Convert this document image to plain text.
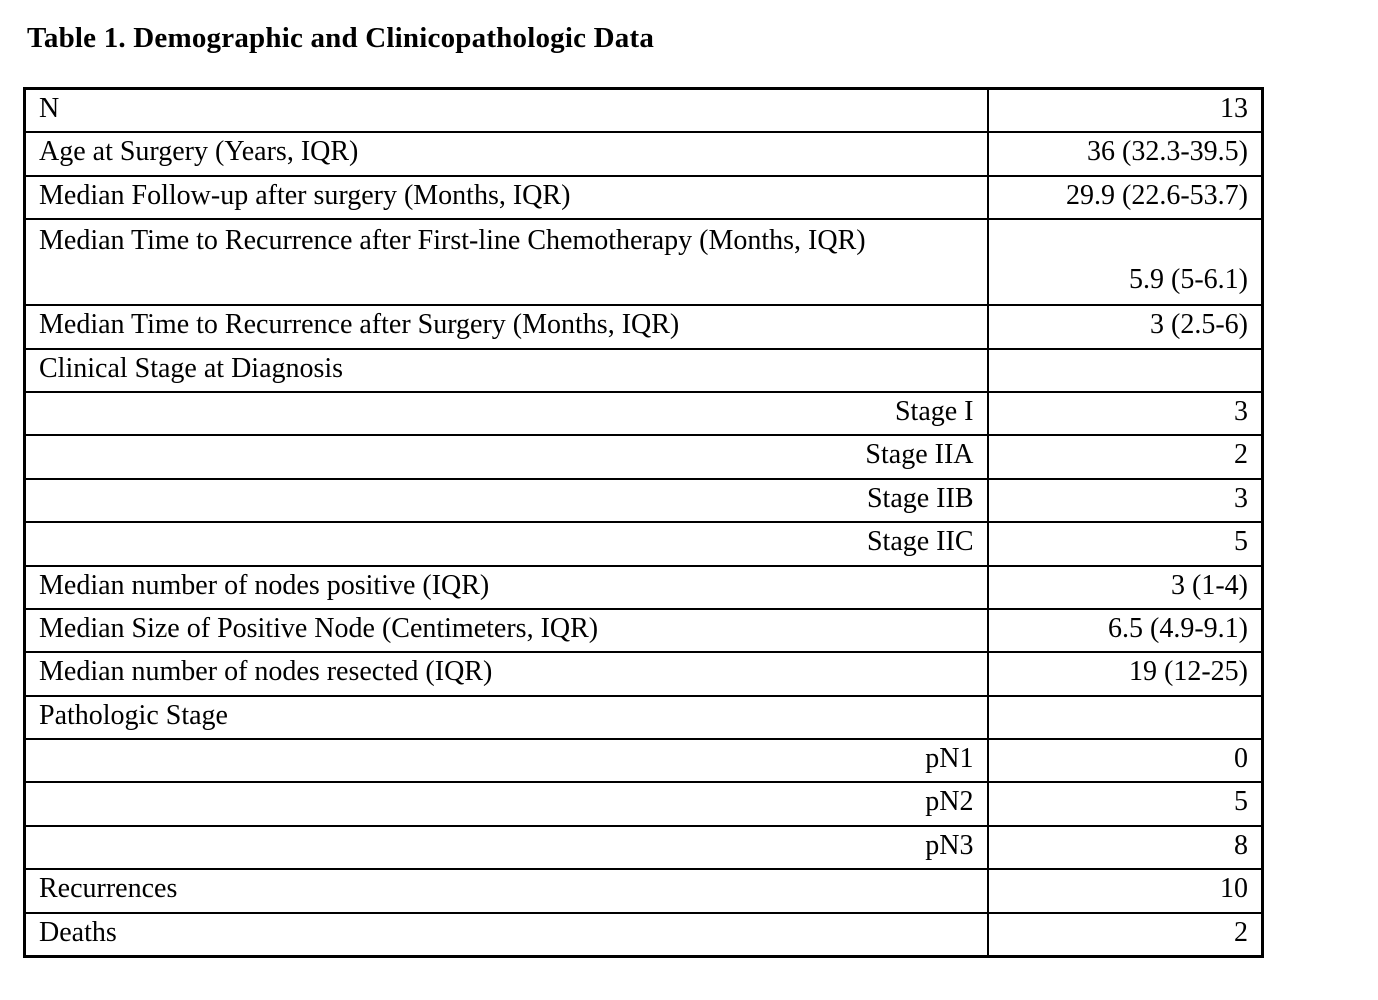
Table 1. Demographic and Clinicopathologic Data
N	13
Age at Surgery (Years, IQR)	36 (32.3-39.5)
Median Follow-up after surgery (Months, IQR)	29.9 (22.6-53.7)
Median Time to Recurrence after First-line Chemotherapy (Months, IQR)	5.9 (5-6.1)
Median Time to Recurrence after Surgery (Months, IQR)	3 (2.5-6)
Clinical Stage at Diagnosis	
Stage I	3
Stage IIA	2
Stage IIB	3
Stage IIC	5
Median number of nodes positive (IQR)	3 (1-4)
Median Size of Positive Node (Centimeters, IQR)	6.5 (4.9-9.1)
Median number of nodes resected (IQR)	19 (12-25)
Pathologic Stage	
pN1	0
pN2	5
pN3	8
Recurrences	10
Deaths	2
